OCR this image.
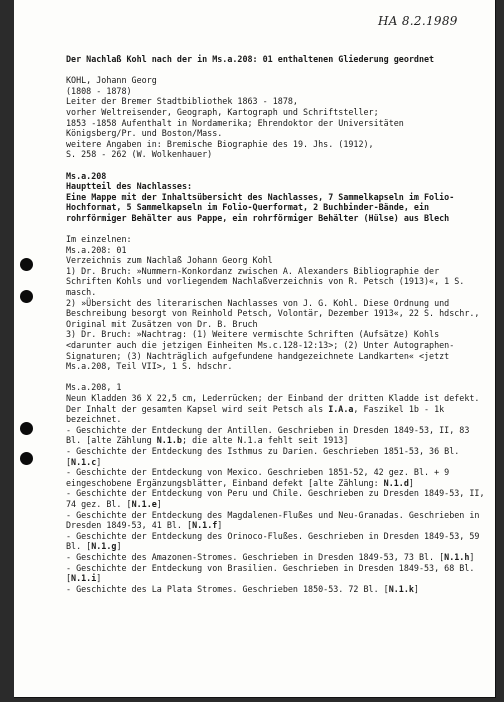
HA 8.2.1989

Der Nachlaß Kohl nach der in Ms.a.208: 01 enthaltenen Gliederung geordnet

KOHL, Johann Georg

(1808 - 1878)

Leiter der Bremer Stadtbibliothek 1863 - 1878,

vorher Weltreisender, Geograph, Kartograph und Schriftsteller;

1853 -1858 Aufenthalt in Nordamerika; Ehrendoktor der Universitäten

Königsberg/Pr. und Boston/Mass.

weitere Angaben in: Bremische Biographie des 19. Jhs. (1912),

S. 258 - 262 (W. Wolkenhauer)

Ms.a.208

Hauptteil des Nachlasses:

Eine Mappe mit der Inhaltsübersicht des Nachlasses, 7 Sammelkapseln im Folio-Hochformat, 5 Sammelkapseln im Folio-Querformat, 2 Buchbinder-Bände, ein rohrförmiger Behälter aus Pappe, ein rohrförmiger Behälter (Hülse) aus Blech

Im einzelnen:

Ms.a.208: 01

Verzeichnis zum Nachlaß Johann Georg Kohl

1) Dr. Bruch: »Nummern-Konkordanz zwischen A. Alexanders Bibliographie der Schriften Kohls und vorliegendem Nachlaßverzeichnis von R. Petsch (1913)«, 1 S. masch.

2) »Übersicht des literarischen Nachlasses von J. G. Kohl. Diese Ordnung und Beschreibung besorgt von Reinhold Petsch, Volontär, Dezember 1913«, 22 S. hdschr., Original mit Zusätzen von Dr. B. Bruch

3) Dr. Bruch: »Nachtrag: (1) Weitere vermischte Schriften (Aufsätze) Kohls <darunter auch die jetzigen Einheiten Ms.c.128-12:13>; (2) Unter Autographen-Signaturen; (3) Nachträglich aufgefundene handgezeichnete Landkarten« <jetzt Ms.a.208, Teil VII>, 1 S. hdschr.

Ms.a.208, 1

Neun Kladden 36 X 22,5 cm, Lederrücken; der Einband der dritten Kladde ist defekt. Der Inhalt der gesamten Kapsel wird seit Petsch als I.A.a, Faszikel 1b - 1k bezeichnet.

- Geschichte der Entdeckung der Antillen. Geschrieben in Dresden 1849-53, II, 83 Bl. [alte Zählung N.1.b; die alte N.1.a fehlt seit 1913]

- Geschichte der Entdeckung des Isthmus zu Darien. Geschrieben 1851-53, 36 Bl. [N.1.c]

- Geschichte der Entdeckung von Mexico. Geschrieben 1851-52, 42 gez. Bl. + 9 eingeschobene Ergänzungsblätter, Einband defekt [alte Zählung: N.1.d]

- Geschichte der Entdeckung von Peru und Chile. Geschrieben zu Dresden 1849-53, II, 74 gez. Bl. [N.1.e]

- Geschichte der Entdeckung des Magdalenen-Flußes und Neu-Granadas. Geschrieben in Dresden 1849-53, 41 Bl. [N.1.f]

- Geschichte der Entdeckung des Orinoco-Flußes. Geschrieben in Dresden 1849-53, 59 Bl. [N.1.g]

- Geschichte des Amazonen-Stromes. Geschrieben in Dresden 1849-53, 73 Bl. [N.1.h]

- Geschichte der Entdeckung von Brasilien. Geschrieben in Dresden 1849-53, 68 Bl. [N.1.i]

- Geschichte des La Plata Stromes. Geschrieben 1850-53. 72 Bl. [N.1.k]
